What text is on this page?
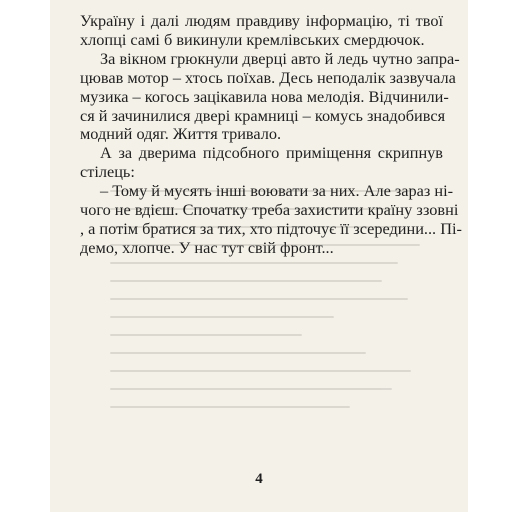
Україну і далі людям правдиву інформацію, ті твої
хлопці самі б викинули кремлівських смердючок.
За вікном грюкнули дверці авто й ледь чутно запра-
цював мотор – хтось поїхав. Десь неподалік зазвучала
музика – когось зацікавила нова мелодія. Відчинили-
ся й зачинилися двері крамниці – комусь знадобився
модний одяг. Життя тривало.
А за дверима підсобного приміщення скрипнув
стілець:
– Тому й мусять інші воювати за них. Але зараз ні-
чого не вдієш. Спочатку треба захистити країну ззовні
, а потім братися за тих, хто підточує її зсередини... Пі-
демо, хлопче. У нас тут свій фронт...
4
